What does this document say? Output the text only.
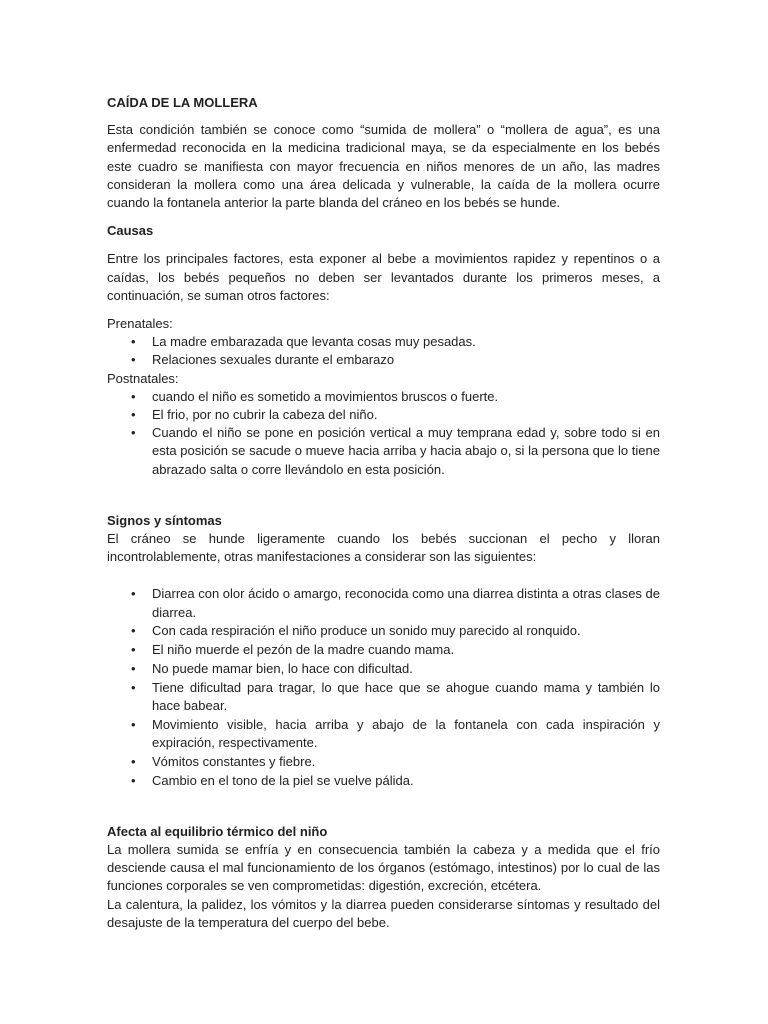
CAÍDA DE LA MOLLERA

Esta condición también se conoce como “sumida de mollera” o “mollera de agua”, es una enfermedad reconocida en la medicina tradicional maya, se da especialmente en los bebés este cuadro se manifiesta con mayor frecuencia en niños menores de un año, las madres consideran la mollera como una área delicada y vulnerable, la caída de la mollera ocurre cuando la fontanela anterior la parte blanda del cráneo en los bebés se hunde.

Causas

Entre los principales factores, esta exponer al bebe a movimientos rapidez y repentinos o a caídas, los bebés pequeños no deben ser levantados durante los primeros meses, a continuación, se suman otros factores:

Prenatales:

• La madre embarazada que levanta cosas muy pesadas.
• Relaciones sexuales durante el embarazo

Postnatales:

• cuando el niño es sometido a movimientos bruscos o fuerte.
• El frio, por no cubrir la cabeza del niño.
• Cuando el niño se pone en posición vertical a muy temprana edad y, sobre todo si en esta posición se sacude o mueve hacia arriba y hacia abajo o, si la persona que lo tiene abrazado salta o corre llevándolo en esta posición.

Signos y síntomas

El cráneo se hunde ligeramente cuando los bebés succionan el pecho y lloran incontrolablemente, otras manifestaciones a considerar son las siguientes:

• Diarrea con olor ácido o amargo, reconocida como una diarrea distinta a otras clases de diarrea.
• Con cada respiración el niño produce un sonido muy parecido al ronquido.
• El niño muerde el pezón de la madre cuando mama.
• No puede mamar bien, lo hace con dificultad.
• Tiene dificultad para tragar, lo que hace que se ahogue cuando mama y también lo hace babear.
• Movimiento visible, hacia arriba y abajo de la fontanela con cada inspiración y expiración, respectivamente.
• Vómitos constantes y fiebre.
• Cambio en el tono de la piel se vuelve pálida.

Afecta al equilibrio térmico del niño

La mollera sumida se enfría y en consecuencia también la cabeza y a medida que el frío desciende causa el mal funcionamiento de los órganos (estómago, intestinos) por lo cual de las funciones corporales se ven comprometidas: digestión, excreción, etcétera.

La calentura, la palidez, los vómitos y la diarrea pueden considerarse síntomas y resultado del desajuste de la temperatura del cuerpo del bebe.
